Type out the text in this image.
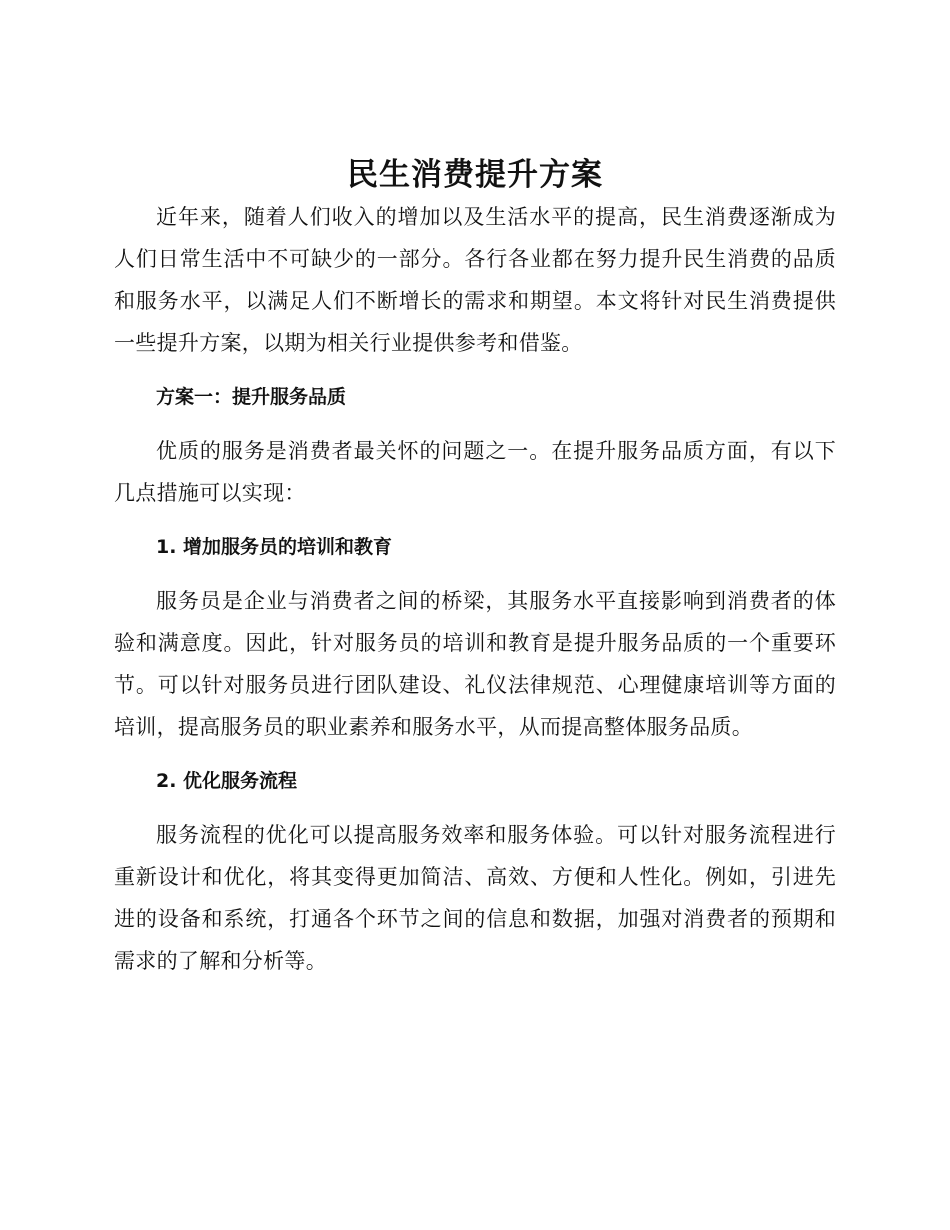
民生消费提升方案

近年来，随着人们收入的增加以及生活水平的提高，民生消费逐渐成为人们日常生活中不可缺少的一部分。各行各业都在努力提升民生消费的品质和服务水平，以满足人们不断增长的需求和期望。本文将针对民生消费提供一些提升方案，以期为相关行业提供参考和借鉴。

方案一：提升服务品质

优质的服务是消费者最关怀的问题之一。在提升服务品质方面，有以下几点措施可以实现：

1. 增加服务员的培训和教育

服务员是企业与消费者之间的桥梁，其服务水平直接影响到消费者的体验和满意度。因此，针对服务员的培训和教育是提升服务品质的一个重要环节。可以针对服务员进行团队建设、礼仪法律规范、心理健康培训等方面的培训，提高服务员的职业素养和服务水平，从而提高整体服务品质。

2. 优化服务流程

服务流程的优化可以提高服务效率和服务体验。可以针对服务流程进行重新设计和优化，将其变得更加简洁、高效、方便和人性化。例如，引进先进的设备和系统，打通各个环节之间的信息和数据，加强对消费者的预期和需求的了解和分析等。
